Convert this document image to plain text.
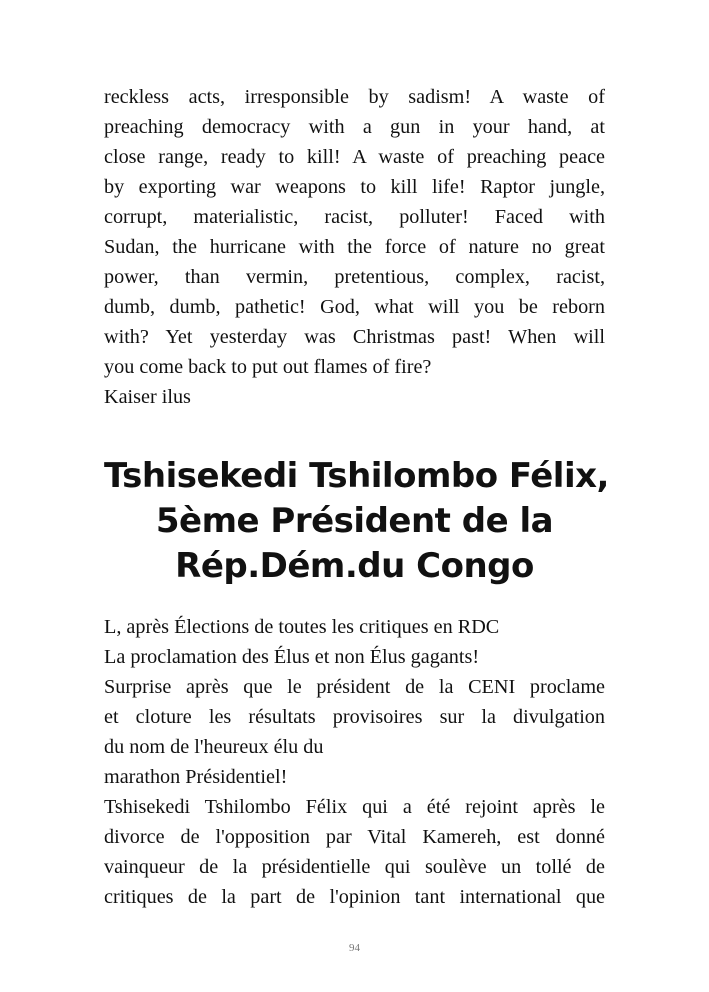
reckless acts, irresponsible by sadism! A waste of
preaching democracy with a gun in your hand, at
close range, ready to kill! A waste of preaching peace
by exporting war weapons to kill life! Raptor jungle,
corrupt, materialistic, racist, polluter! Faced with
Sudan, the hurricane with the force of nature no great
power, than vermin, pretentious, complex, racist,
dumb, dumb, pathetic! God, what will you be reborn
with? Yet yesterday was Christmas past! When will
you come back to put out flames of fire?
Kaiser ilus
Tshisekedi Tshilombo Félix,
5ème Président de la
Rép.Dém.du Congo
L, après Élections de toutes les critiques en RDC
La proclamation des Élus et non Élus gagants!
Surprise après que le président de la CENI proclame
et cloture les résultats provisoires sur la divulgation
du nom de l'heureux élu du
marathon Présidentiel!
Tshisekedi Tshilombo Félix qui a été rejoint après le
divorce de l'opposition par Vital Kamereh, est donné
vainqueur de la présidentielle qui soulève un tollé de
critiques de la part de l'opinion tant international que
94
